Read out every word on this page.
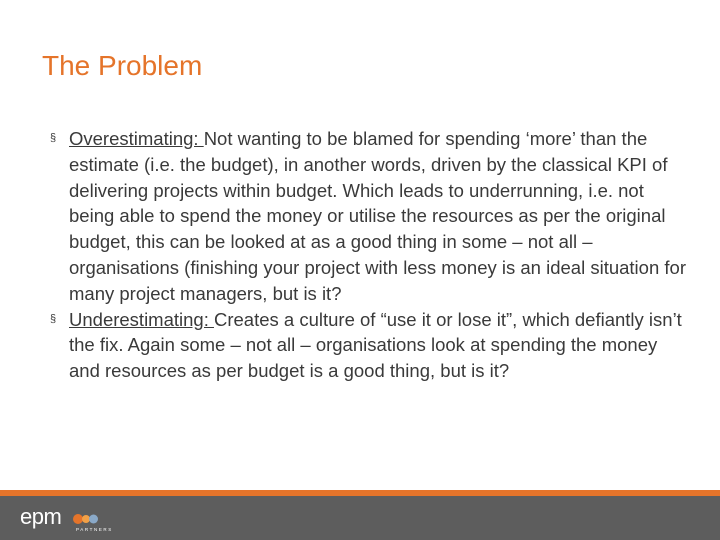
The Problem
§ Overestimating: Not wanting to be blamed for spending ‘more’ than the estimate (i.e. the budget), in another words, driven by the classical KPI of delivering projects within budget. Which leads to underrunning, i.e. not being able to spend the money or utilise the resources as per the original budget, this can be looked at as a good thing in some – not all – organisations (finishing your project with less money is an ideal situation for many project managers, but is it?
§ Underestimating: Creates a culture of “use it or lose it”, which defiantly isn’t the fix. Again some – not all – organisations look at spending the money and resources as per budget is a good thing, but is it?
epm
PARTNERS
